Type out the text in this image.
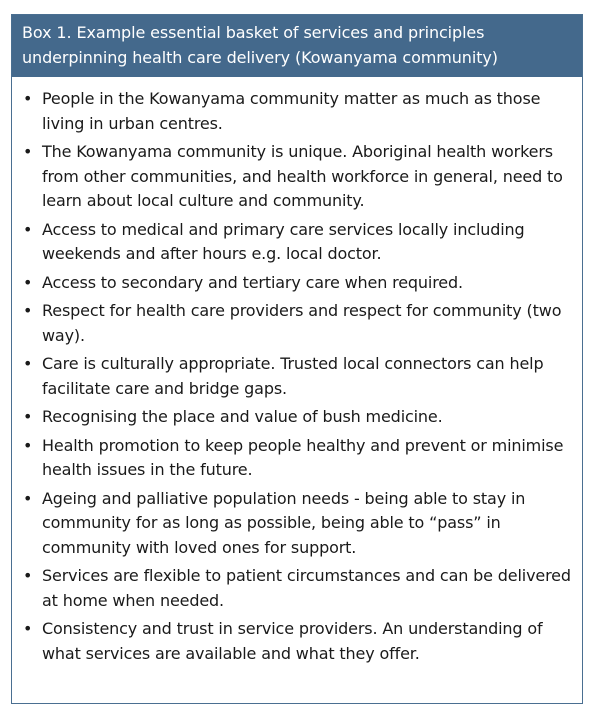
Box 1. Example essential basket of services and principles underpinning health care delivery (Kowanyama community)
• People in the Kowanyama community matter as much as those living in urban centres.
• The Kowanyama community is unique. Aboriginal health workers from other communities, and health workforce in general, need to learn about local culture and community.
• Access to medical and primary care services locally including weekends and after hours e.g. local doctor.
• Access to secondary and tertiary care when required.
• Respect for health care providers and respect for community (two way).
• Care is culturally appropriate. Trusted local connectors can help facilitate care and bridge gaps.
• Recognising the place and value of bush medicine.
• Health promotion to keep people healthy and prevent or minimise health issues in the future.
• Ageing and palliative population needs - being able to stay in community for as long as possible, being able to “pass” in community with loved ones for support.
• Services are flexible to patient circumstances and can be delivered at home when needed.
• Consistency and trust in service providers. An understanding of what services are available and what they offer.
